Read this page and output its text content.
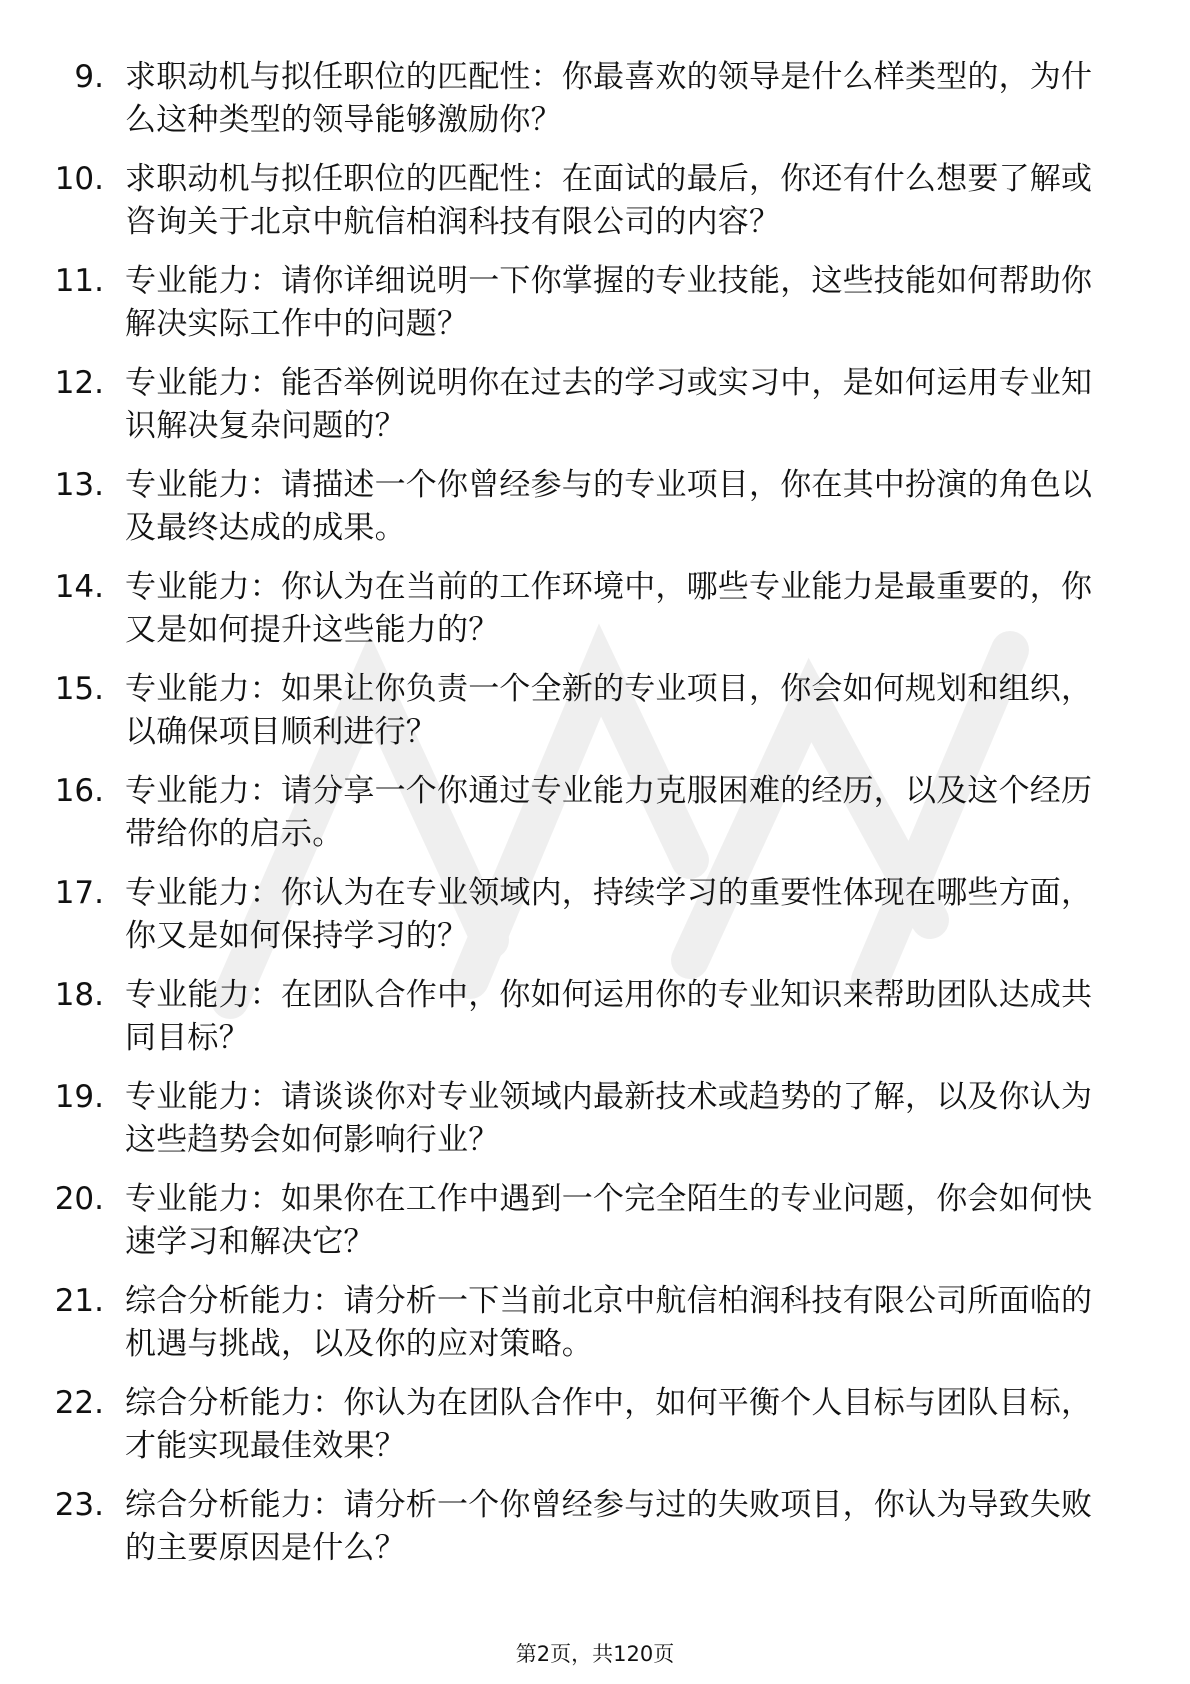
9. 求职动机与拟任职位的匹配性：你最喜欢的领导是什么样类型的，为什么这种类型的领导能够激励你？
10. 求职动机与拟任职位的匹配性：在面试的最后，你还有什么想要了解或咨询关于北京中航信柏润科技有限公司的内容？
11. 专业能力：请你详细说明一下你掌握的专业技能，这些技能如何帮助你解决实际工作中的问题？
12. 专业能力：能否举例说明你在过去的学习或实习中，是如何运用专业知识解决复杂问题的？
13. 专业能力：请描述一个你曾经参与的专业项目，你在其中扮演的角色以及最终达成的成果。
14. 专业能力：你认为在当前的工作环境中，哪些专业能力是最重要的，你又是如何提升这些能力的？
15. 专业能力：如果让你负责一个全新的专业项目，你会如何规划和组织，以确保项目顺利进行？
16. 专业能力：请分享一个你通过专业能力克服困难的经历，以及这个经历带给你的启示。
17. 专业能力：你认为在专业领域内，持续学习的重要性体现在哪些方面，你又是如何保持学习的？
18. 专业能力：在团队合作中，你如何运用你的专业知识来帮助团队达成共同目标？
19. 专业能力：请谈谈你对专业领域内最新技术或趋势的了解，以及你认为这些趋势会如何影响行业？
20. 专业能力：如果你在工作中遇到一个完全陌生的专业问题，你会如何快速学习和解决它？
21. 综合分析能力：请分析一下当前北京中航信柏润科技有限公司所面临的机遇与挑战，以及你的应对策略。
22. 综合分析能力：你认为在团队合作中，如何平衡个人目标与团队目标，才能实现最佳效果？
23. 综合分析能力：请分析一个你曾经参与过的失败项目，你认为导致失败的主要原因是什么？
第2页，共120页
